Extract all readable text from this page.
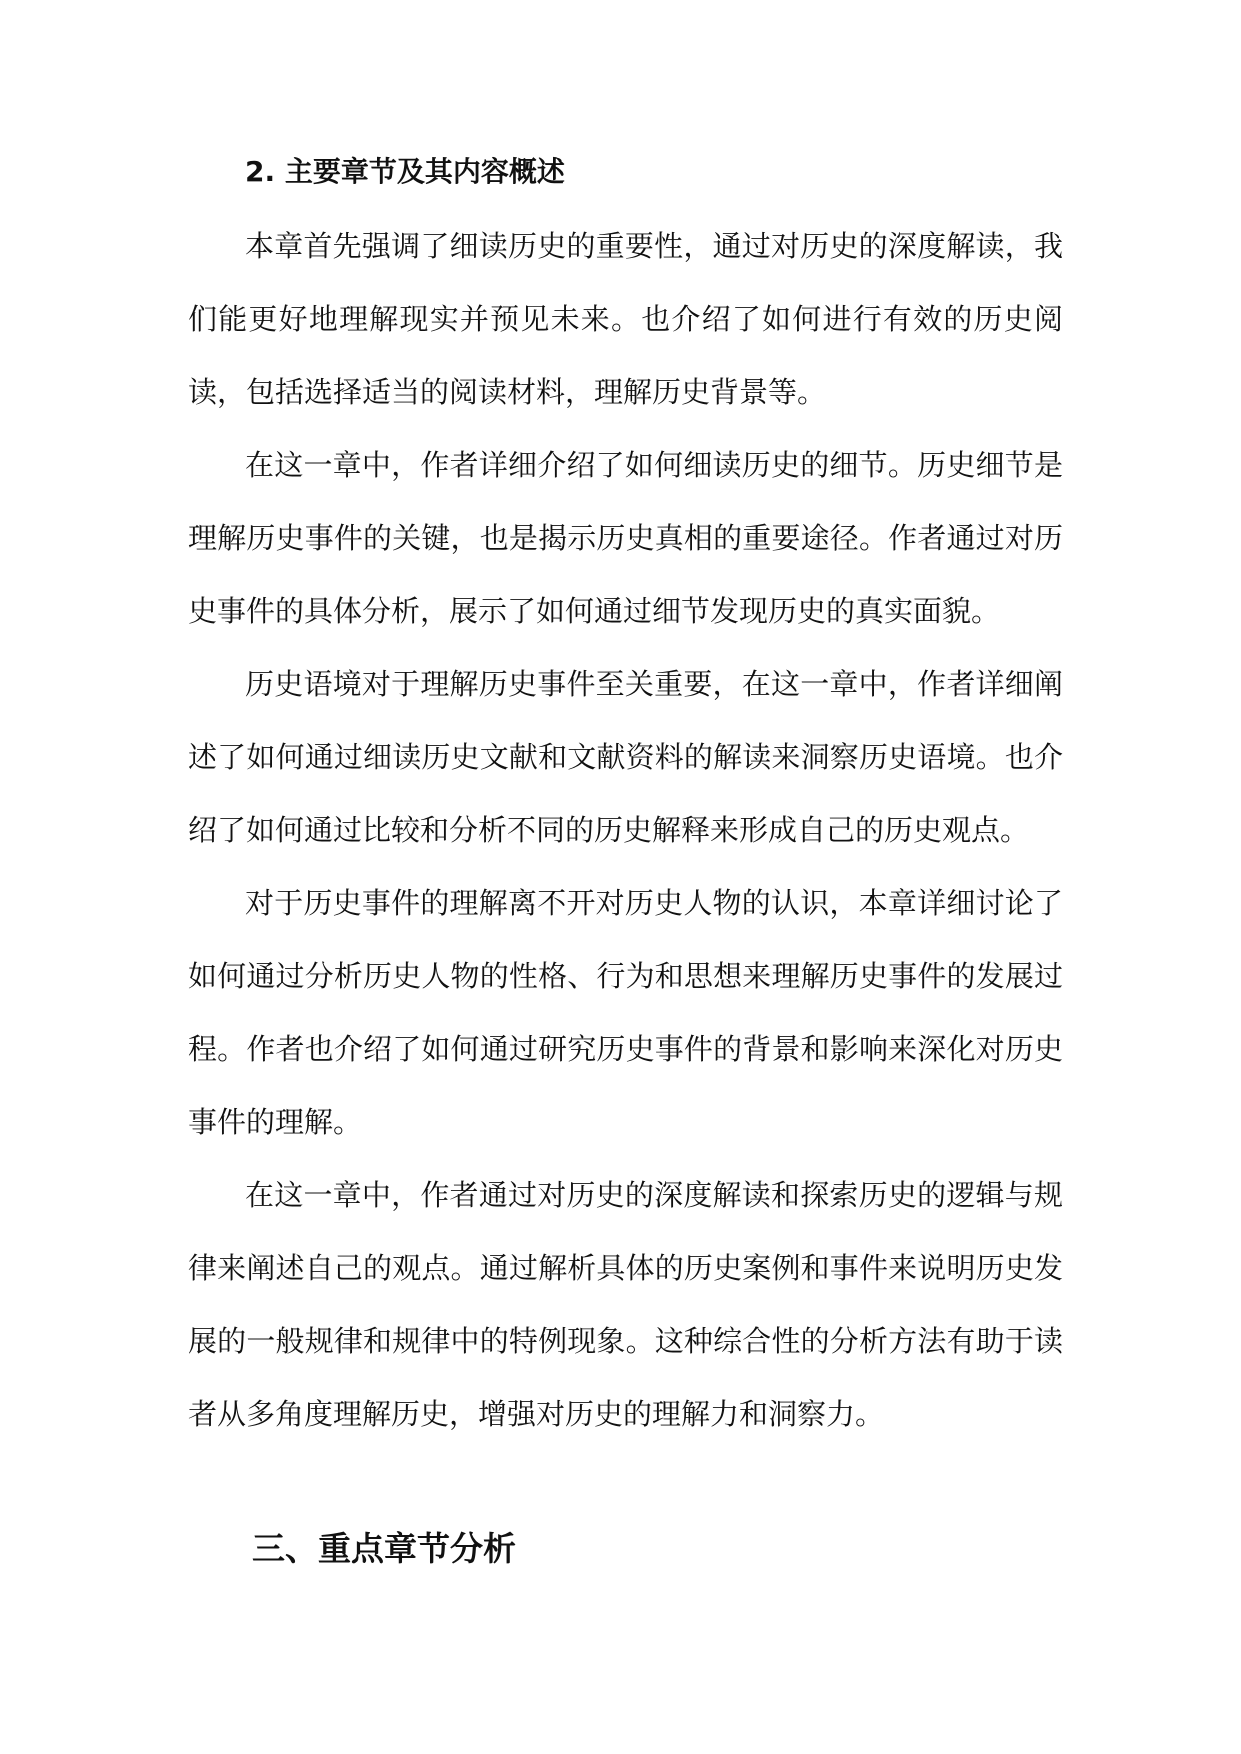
2. 主要章节及其内容概述

本章首先强调了细读历史的重要性，通过对历史的深度解读，我们能更好地理解现实并预见未来。也介绍了如何进行有效的历史阅读，包括选择适当的阅读材料，理解历史背景等。

在这一章中，作者详细介绍了如何细读历史的细节。历史细节是理解历史事件的关键，也是揭示历史真相的重要途径。作者通过对历史事件的具体分析，展示了如何通过细节发现历史的真实面貌。

历史语境对于理解历史事件至关重要，在这一章中，作者详细阐述了如何通过细读历史文献和文献资料的解读来洞察历史语境。也介绍了如何通过比较和分析不同的历史解释来形成自己的历史观点。

对于历史事件的理解离不开对历史人物的认识，本章详细讨论了如何通过分析历史人物的性格、行为和思想来理解历史事件的发展过程。作者也介绍了如何通过研究历史事件的背景和影响来深化对历史事件的理解。

在这一章中，作者通过对历史的深度解读和探索历史的逻辑与规律来阐述自己的观点。通过解析具体的历史案例和事件来说明历史发展的一般规律和规律中的特例现象。这种综合性的分析方法有助于读者从多角度理解历史，增强对历史的理解力和洞察力。

三、重点章节分析
